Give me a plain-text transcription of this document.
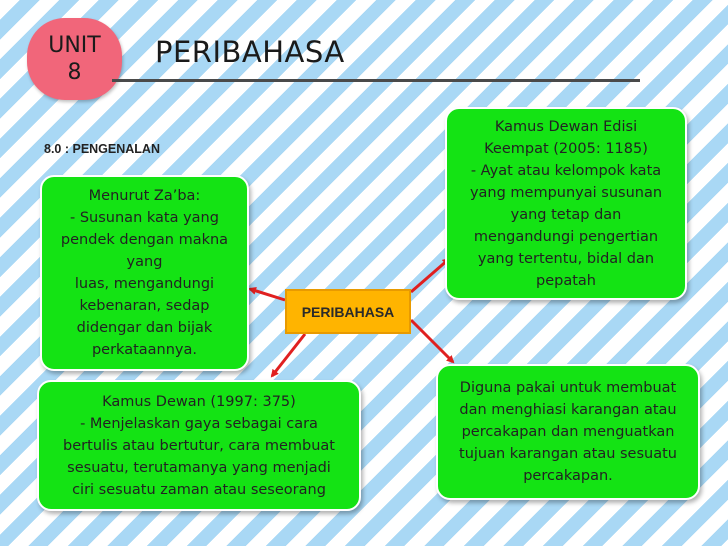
UNIT
8
PERIBAHASA
8.0 : PENGENALAN
Menurut Za’ba:
- Susunan kata yang
pendek dengan makna
yang
luas, mengandungi
kebenaran, sedap
didengar dan bijak
perkataannya.
Kamus Dewan Edisi
Keempat (2005: 1185)
- Ayat atau kelompok kata
yang mempunyai susunan
yang tetap dan
mengandungi pengertian
yang tertentu, bidal dan
pepatah
Kamus Dewan (1997: 375)
- Menjelaskan gaya sebagai cara
bertulis atau bertutur, cara membuat
sesuatu, terutamanya yang menjadi
ciri sesuatu zaman atau seseorang
Diguna pakai untuk membuat
dan menghiasi karangan atau
percakapan dan menguatkan
tujuan karangan atau sesuatu
percakapan.
PERIBAHASA
